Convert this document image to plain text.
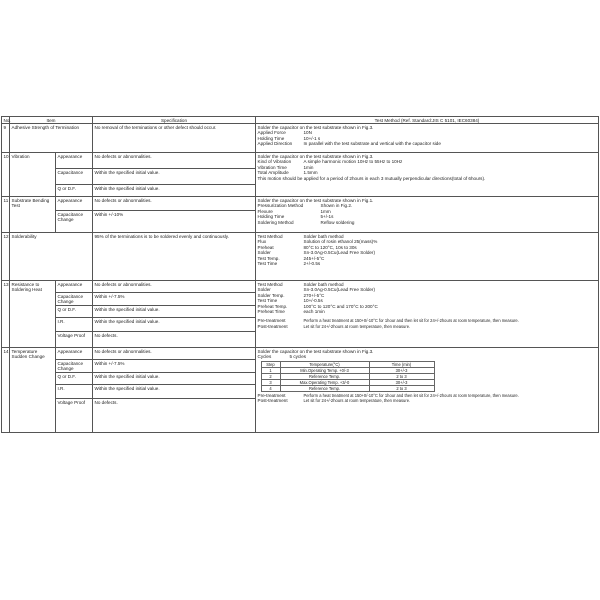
No.	Item	Specification	Test Method (Ref. Standard:JIS C 5101, IEC60384)
9	Adhesive Strength of Termination	No removal of the terminations or other defect should occur.	Solder the capacitor on the test substrate shown in Fig.3.
Applied Force	10N
Holding Time	10+/-1 s
Applied Direction	In parallel with the test substrate and vertical with the capacitor side

10	Vibration	Appearance	No defects or abnormalities.	Solder the capacitor on the test substrate shown in Fig.3.
Kind of Vibration	A simple harmonic motion 10Hz to 55Hz to 10Hz
Vibration Time	1min
Total Amplitude	1.5mm
This motion should be applied for a period of 2hours in each 3 mutually perpendicular directions(total of 6hours).

Capacitance	Within the specified initial value.
Q or D.F.	Within the specified initial value.
11	Substrate Bending Test	Appearance	No defects or abnormalities.	Solder the capacitor on the test substrate shown in Fig.1.
Pressurization Method	Shown in Fig.2.
Flexure	1mm
Holding Time	5+/-1s
Soldering Method	Reflow soldering

Capacitance Change	Within +/-10%
12	Solderability	95% of the terminations is to be soldered evenly and continuously.	Test Method	Solder bath method
Flux	Solution of rosin ethanol 25(mass)%
Preheat	80°C to 120°C, 10s to 30s
Solder	Sn-3.0Ag-0.5Cu(Lead Free Solder)
Test Temp.	245+/-5°C
Test Time	2+/-0.5s

13	Resistance to Soldering Heat	Appearance	No defects or abnormalities.	Test Method	Solder bath method
Solder	Sn-3.0Ag-0.5Cu(Lead Free Solder)
Solder Temp.	270+/-5°C
Test Time	10+/-0.5s
Preheat Temp.	100°C to 120°C and 170°C to 200°C
Preheat Time	each 1min
Pre-treatment	Perform a heat treatment at 150+0/-10°C for 1hour and then let sit for 24+/-2hours at room temperature, then measure.
Post-treatment	Let sit for 24+/-2hours at room temperature, then measure.

Capacitance Change	Within +/-7.5%
Q or D.F.	Within the specified initial value.
I.R.	Within the specified initial value.
Voltage Proof	No defects.
14	Temperature Sudden Change	Appearance	No defects or abnormalities.	Solder the capacitor on the test substrate shown in Fig.3.
Cycles	5 cycles
Step	Temperature(°C)	Time (min)
1	Min.Operating Temp. +0/-3	30+/-3
2	Reference Temp.	2 to 3
3	Max.Operating Temp. +3/-0	30+/-3
4	Reference Temp.	2 to 3
Pre-treatment	Perform a heat treatment at 150+0/-10°C for 1hour and then let sit for 24+/-2hours at room temperature, then measure.
Post-treatment	Let sit for 24+/-2hours at room temperature, then measure.

Capacitance Change	Within +/-7.5%
Q or D.F.	Within the specified initial value.
I.R.	Within the specified initial value.
Voltage Proof	No defects.
